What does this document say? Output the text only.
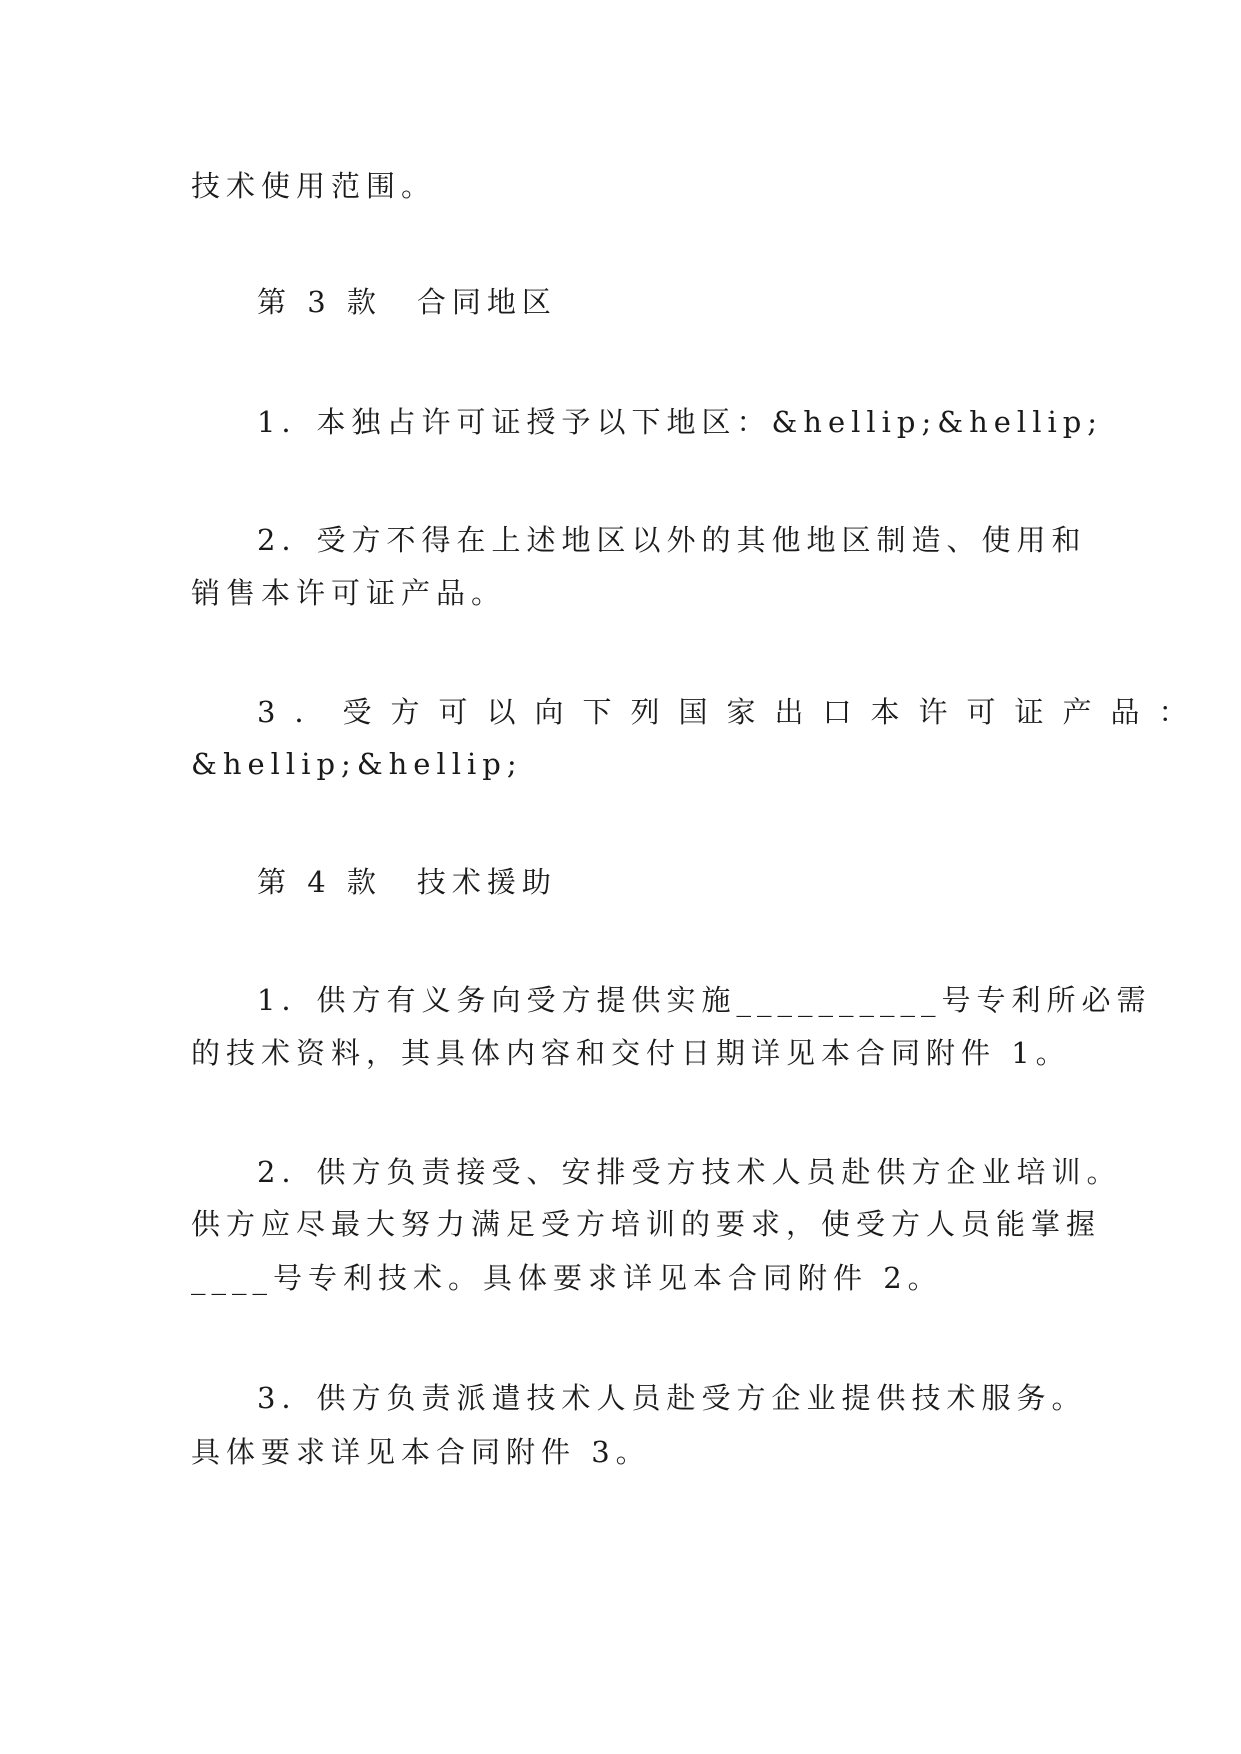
技术使用范围。
第 3 款　合同地区
1．本独占许可证授予以下地区：&hellip;&hellip;
2．受方不得在上述地区以外的其他地区制造、使用和
销售本许可证产品。
3．受方可以向下列国家出口本许可证产品：
&hellip;&hellip;
第 4 款　技术援助
1．供方有义务向受方提供实施__________号专利所必需
的技术资料，其具体内容和交付日期详见本合同附件 1。
2．供方负责接受、安排受方技术人员赴供方企业培训。
供方应尽最大努力满足受方培训的要求，使受方人员能掌握
____号专利技术。具体要求详见本合同附件 2。
3．供方负责派遣技术人员赴受方企业提供技术服务。
具体要求详见本合同附件 3。
